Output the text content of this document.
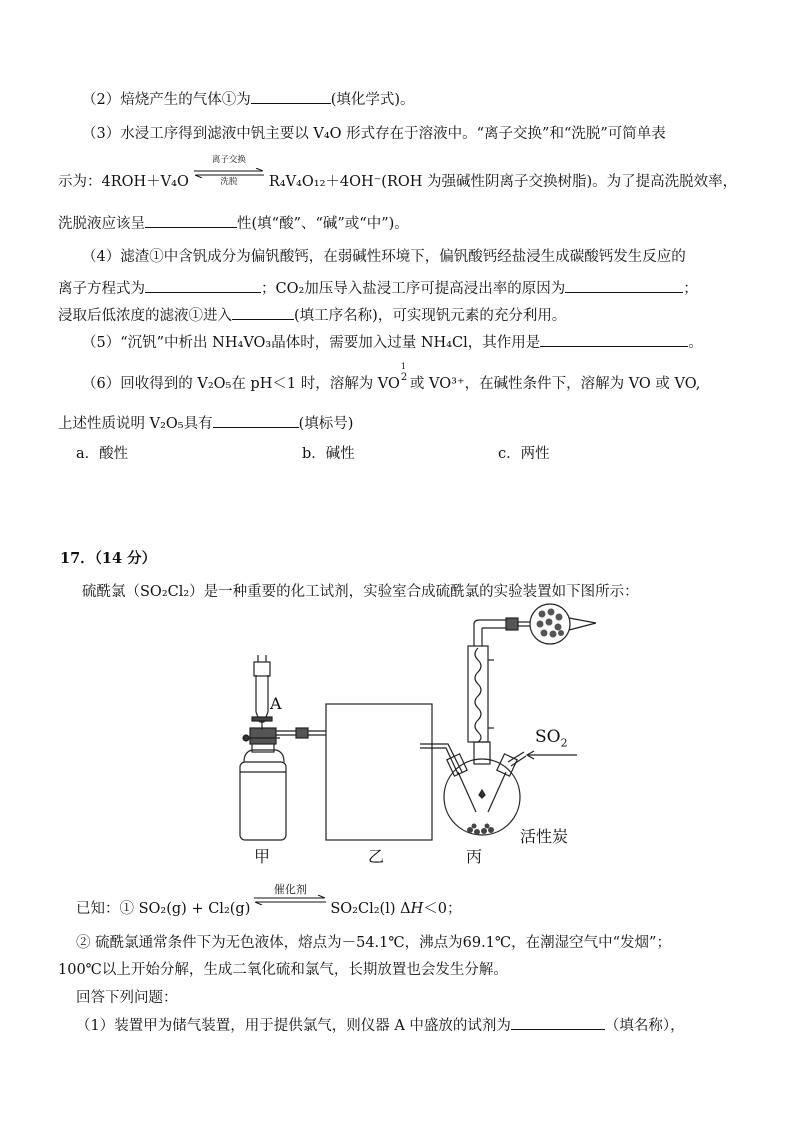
（2）焙烧产生的气体①为	(填化学式)。
（3）水浸工序得到滤液中钒主要以 V₄O 形式存在于溶液中。“离子交换”和“洗脱”可简单表
示为：4ROH＋V₄O
离子交换
洗脱	R₄V₄O₁₂＋4OH⁻(ROH 为强碱性阴离子交换树脂)。为了提高洗脱效率，
洗脱液应该呈	性(填“酸”、“碱”或“中”)。
（4）滤渣①中含钒成分为偏钒酸钙，在弱碱性环境下，偏钒酸钙经盐浸生成碳酸钙发生反应的
离子方程式为	；CO₂加压导入盐浸工序可提高浸出率的原因为	；
浸取后低浓度的滤液①进入	(填工序名称)，可实现钒元素的充分利用。
（5）“沉钒”中析出 NH₄VO₃晶体时，需要加入过量 NH₄Cl，其作用是	。
（6）回收得到的 V₂O₅在 pH＜1 时，溶解为 VO
1
2 或 VO³⁺，在碱性条件下，溶解为 VO 或 VO,
上述性质说明 V₂O₅具有	(填标号)
a．酸性	b．碱性	c．两性
17．（14 分）
硫酰氯（SO₂Cl₂）是一种重要的化工试剂，实验室合成硫酰氯的实验装置如下图所示：
A
$SO_2$
活性炭
甲	乙	丙
已知：① SO₂(g) + Cl₂(g)
催化剂
SO₂Cl₂(l) ΔH＜0；
② 硫酰氯通常条件下为无色液体，熔点为－54.1℃，沸点为69.1℃，在潮湿空气中“发烟”；
100℃以上开始分解，生成二氧化硫和氯气，长期放置也会发生分解。
回答下列问题：
（1）装置甲为储气装置，用于提供氯气，则仪器 A 中盛放的试剂为	（填名称），
